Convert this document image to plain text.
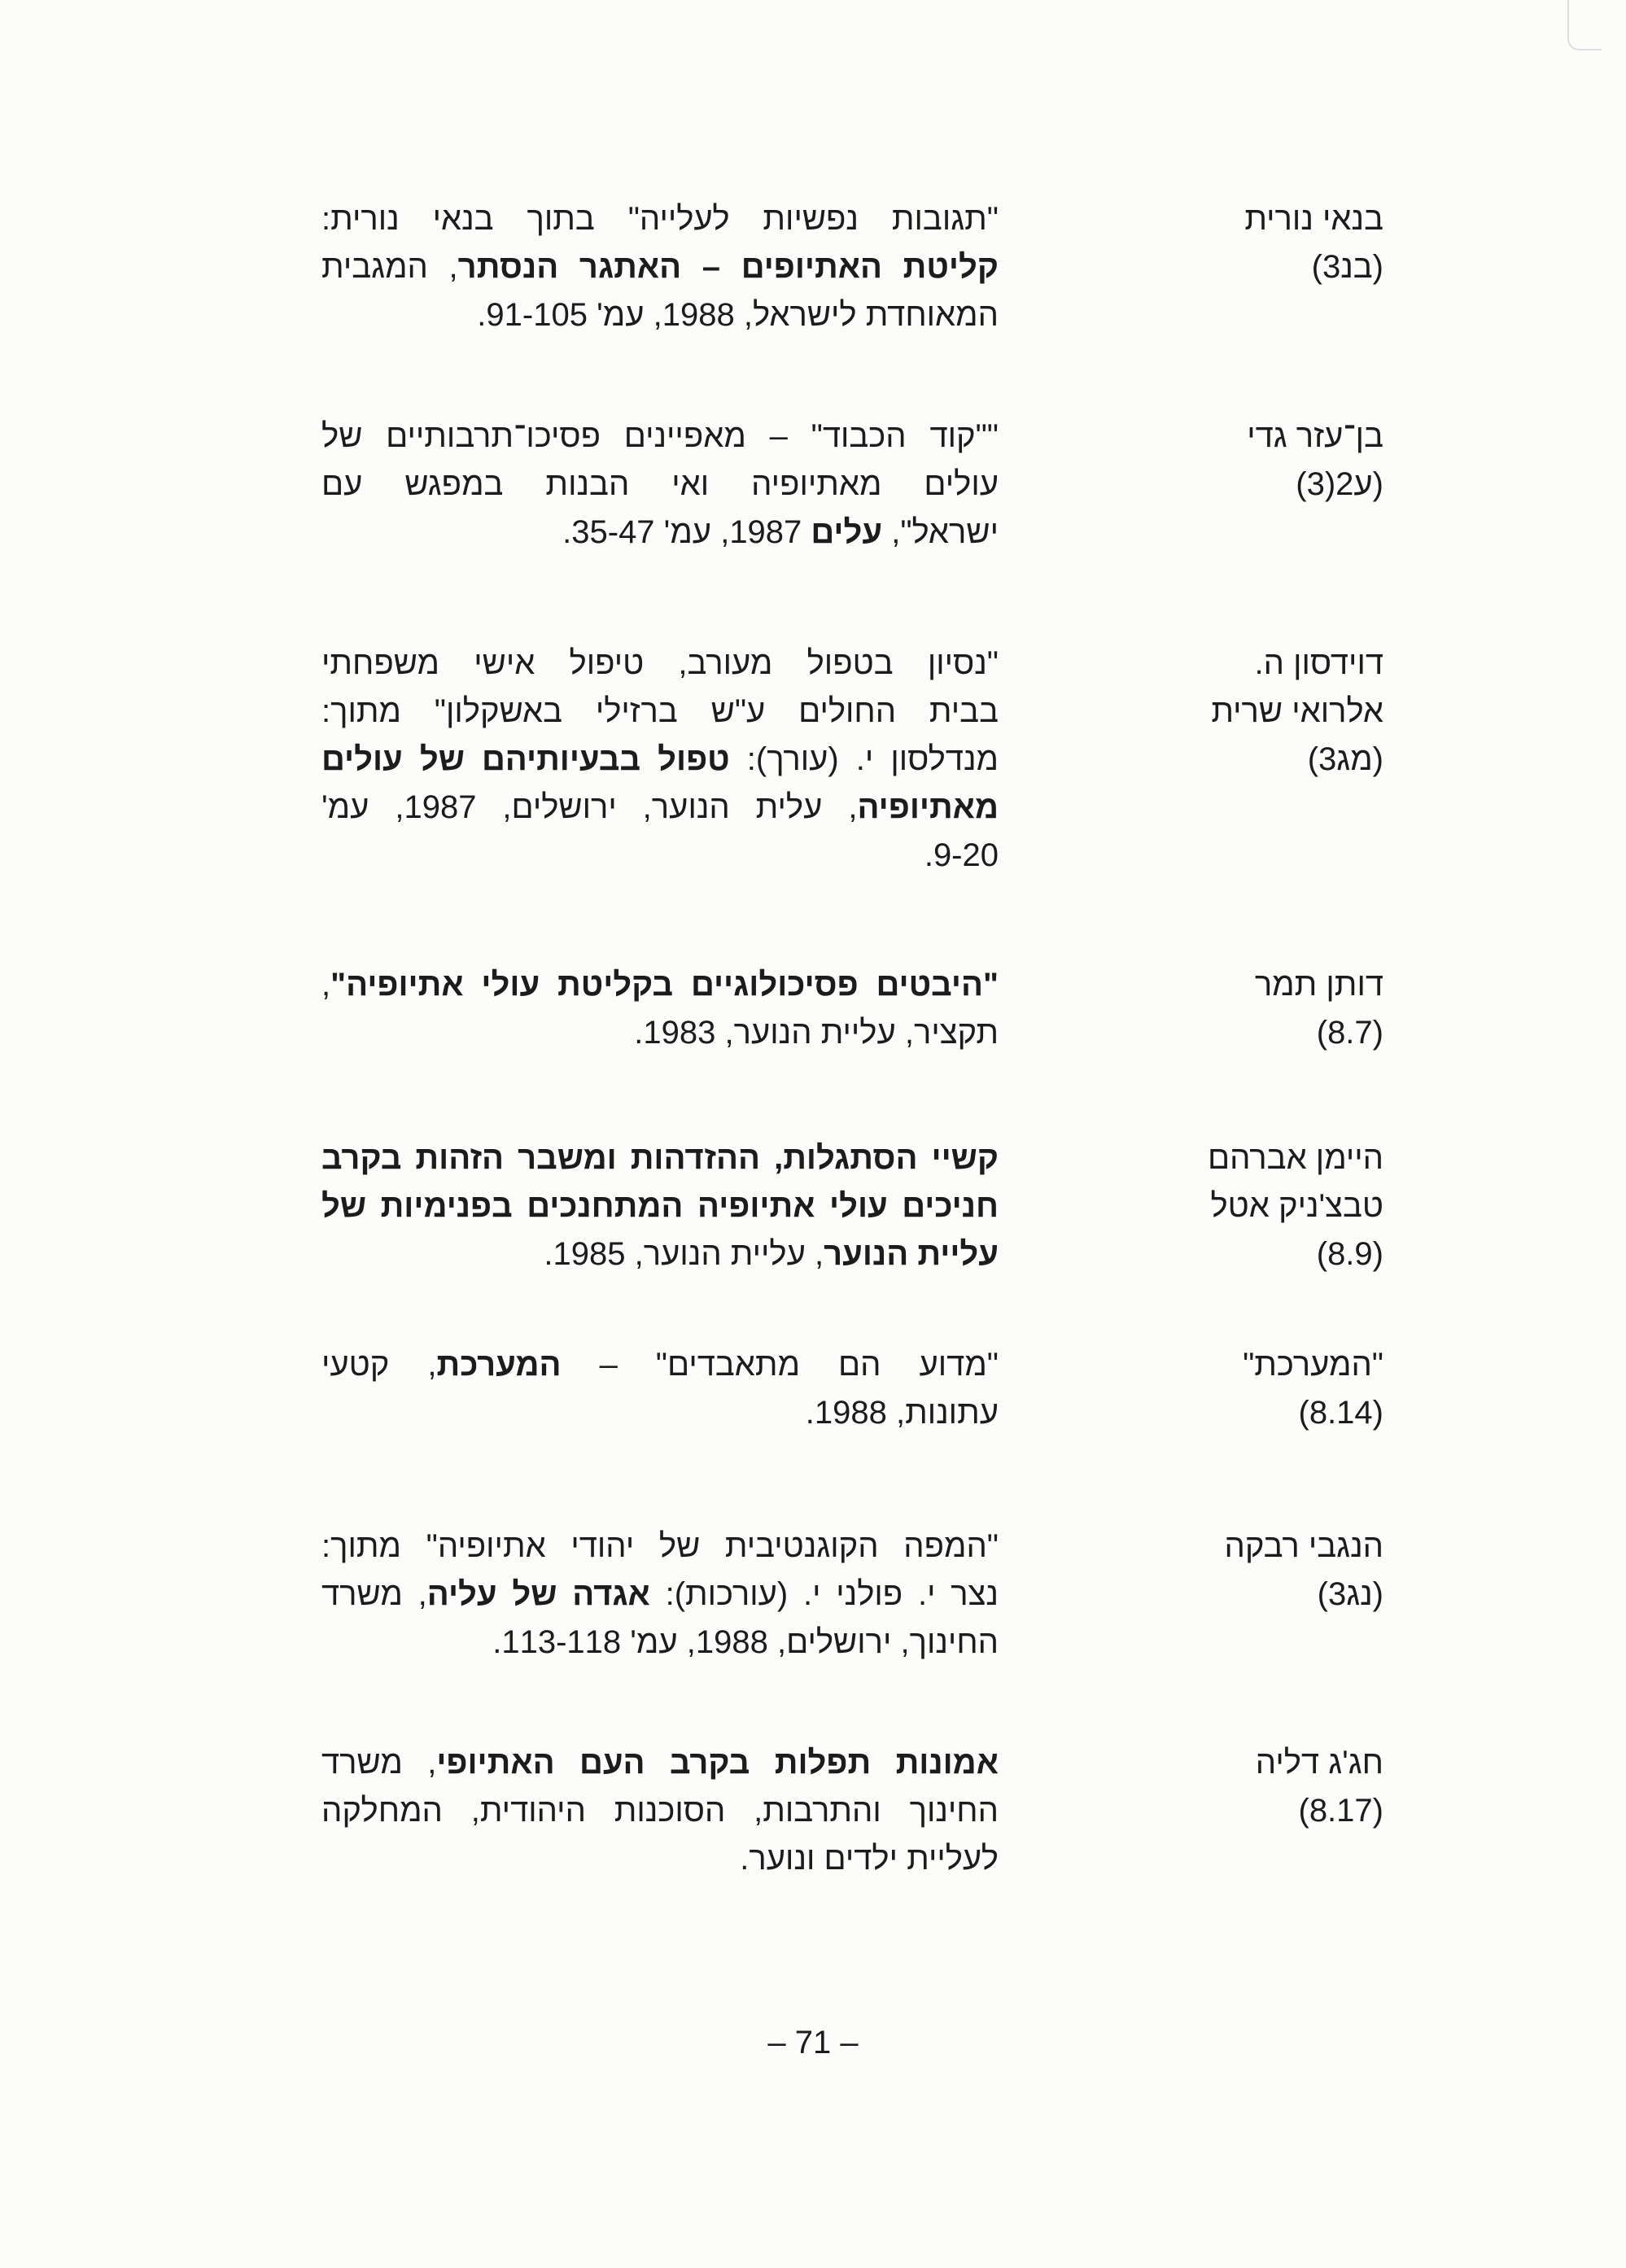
בנאי נורית
(בנ3)
"תגובות נפשיות לעלייה" בתוך בנאי נורית:
קליטת האתיופים – האתגר הנסתר, המגבית
המאוחדת לישראל, 1988, עמ' 91-105.
בן־עזר גדי
(ע2(3)
""קוד הכבוד" – מאפיינים פסיכו־תרבותיים של
עולים מאתיופיה ואי הבנות במפגש עם
ישראל", עלים 1987, עמ' 35-47.
דוידסון ה.
אלרואי שרית
(מג3)
"נסיון בטפול מעורב, טיפול אישי משפחתי
בבית החולים ע"ש ברזילי באשקלון" מתוך:
מנדלסון י. (עורך): טפול בבעיותיהם של עולים
מאתיופיה, עלית הנוער, ירושלים, 1987, עמ'
9-20.
דותן תמר
(8.7)
"היבטים פסיכולוגיים בקליטת עולי אתיופיה",
תקציר, עליית הנוער, 1983.
היימן אברהם
טבצ'ניק אטל
(8.9)
קשיי הסתגלות, ההזדהות ומשבר הזהות בקרב
חניכים עולי אתיופיה המתחנכים בפנימיות של
עליית הנוער, עליית הנוער, 1985.
"המערכת"
(8.14)
"מדוע הם מתאבדים" – המערכת, קטעי
עתונות, 1988.
הנגבי רבקה
(נג3)
"המפה הקוגנטיבית של יהודי אתיופיה" מתוך:
נצר י. פולני י. (עורכות): אגדה של עליה, משרד
החינוך, ירושלים, 1988, עמ' 113-118.
חג'ג דליה
(8.17)
אמונות תפלות בקרב העם האתיופי, משרד
החינוך והתרבות, הסוכנות היהודית, המחלקה
לעליית ילדים ונוער.
– 71 –
